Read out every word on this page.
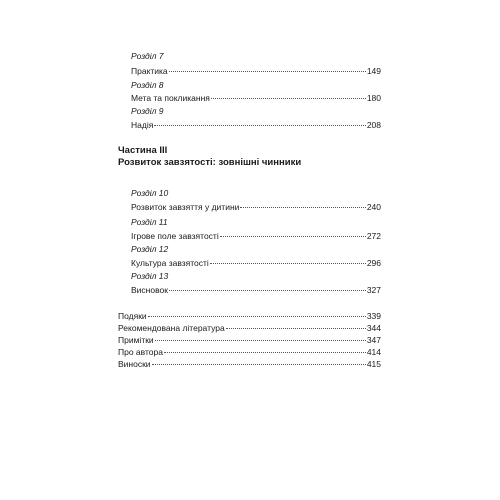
Розділ 7
Практика	149
Розділ 8
Мета та покликання	180
Розділ 9
Надія	208
Частина III
Розвиток завзятості: зовнішні чинники
Розділ 10
Розвиток завзяття у дитини	240
Розділ 11
Ігрове поле завзятості	272
Розділ 12
Культура завзятості	296
Розділ 13
Висновок	327
Подяки	339
Рекомендована література	344
Примітки	347
Про автора	414
Виноски	415
